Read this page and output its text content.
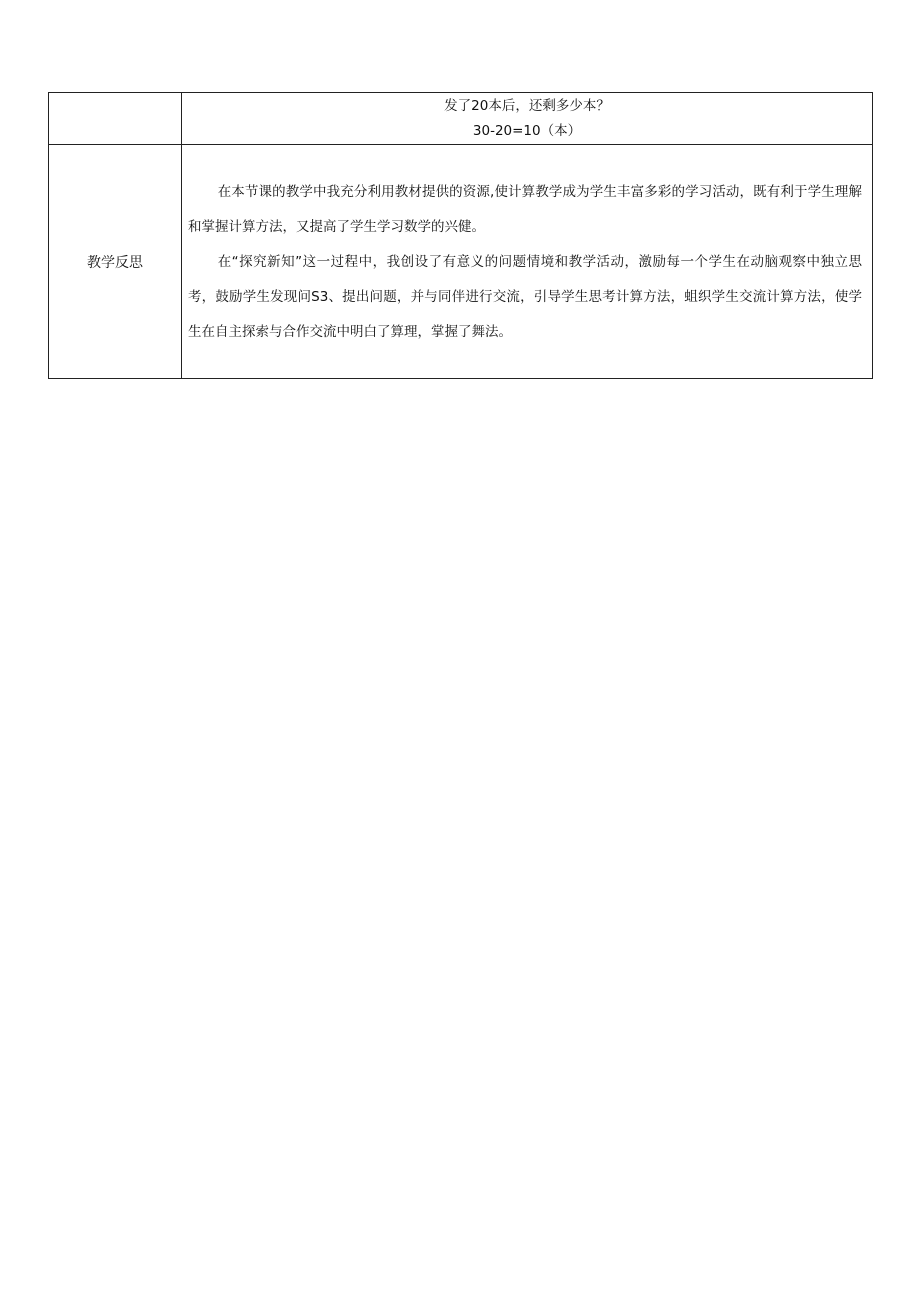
	发了20本后，还剩多少本？
30-20=10（本）

教学反思	在本节课的教学中我充分利用教材提供的资源,使计算教学成为学生丰富多彩的学习活动，既有利于学生理解和掌握计算方法，又提高了学生学习数学的兴健。

在“探究新知”这一过程中，我创设了有意义的问题情境和教学活动，激励每一个学生在动脑观察中独立思考，鼓励学生发现问S3、提出问题，并与同伴进行交流，引导学生思考计算方法，蛆织学生交流计算方法，使学生在自主探索与合作交流中明白了算理，掌握了舞法。
